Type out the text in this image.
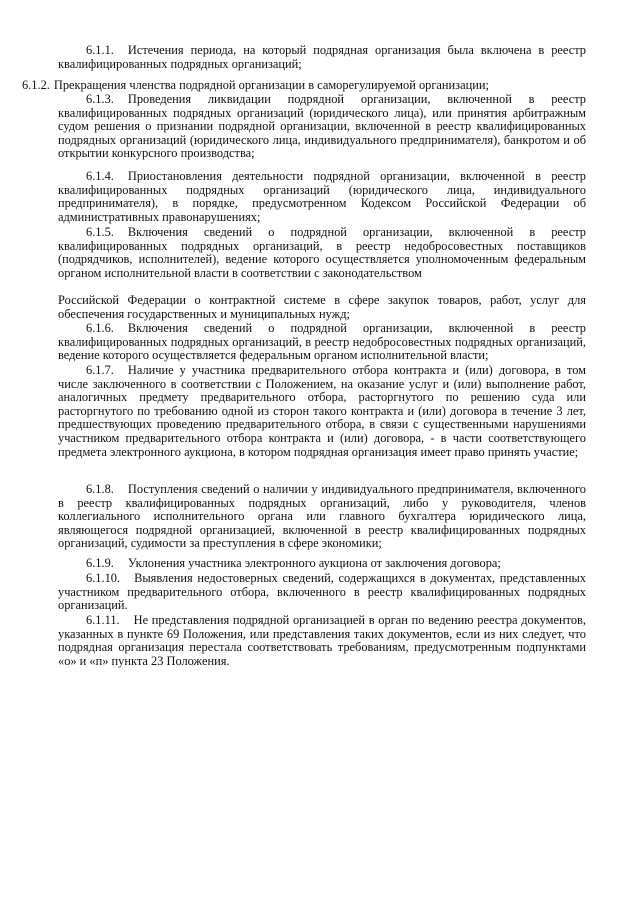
6.1.1. Истечения периода, на который подрядная организация была включена в реестр квалифицированных подрядных организаций;

6.1.2. Прекращения членства подрядной организации в саморегулируемой организации;

6.1.3. Проведения ликвидации подрядной организации, включенной в реестр квалифицированных подрядных организаций (юридического лица), или принятия арбитражным судом решения о признании подрядной организации, включенной в реестр квалифицированных подрядных организаций (юридического лица, индивидуального предпринимателя), банкротом и об открытии конкурсного производства;

6.1.4. Приостановления деятельности подрядной организации, включенной в реестр квалифицированных подрядных организаций (юридического лица, индивидуального предпринимателя), в порядке, предусмотренном Кодексом Российской Федерации об административных правонарушениях;

6.1.5. Включения сведений о подрядной организации, включенной в реестр квалифицированных подрядных организаций, в реестр недобросовестных поставщиков (подрядчиков, исполнителей), ведение которого осуществляется уполномоченным федеральным органом исполнительной власти в соответствии с законодательством

Российской Федерации о контрактной системе в сфере закупок товаров, работ, услуг для обеспечения государственных и муниципальных нужд;

6.1.6. Включения сведений о подрядной организации, включенной в реестр квалифицированных подрядных организаций, в реестр недобросовестных подрядных организаций, ведение которого осуществляется федеральным органом исполнительной власти;

6.1.7. Наличие у участника предварительного отбора контракта и (или) договора, в том числе заключенного в соответствии с Положением, на оказание услуг и (или) выполнение работ, аналогичных предмету предварительного отбора, расторгнутого по решению суда или расторгнутого по требованию одной из сторон такого контракта и (или) договора в течение 3 лет, предшествующих проведению предварительного отбора, в связи с существенными нарушениями участником предварительного отбора контракта и (или) договора, - в части соответствующего предмета электронного аукциона, в котором подрядная организация имеет право принять участие;

6.1.8. Поступления сведений о наличии у индивидуального предпринимателя, включенного в реестр квалифицированных подрядных организаций, либо у руководителя, членов коллегиального исполнительного органа или главного бухгалтера юридического лица, являющегося подрядной организацией, включенной в реестр квалифицированных подрядных организаций, судимости за преступления в сфере экономики;

6.1.9. Уклонения участника электронного аукциона от заключения договора;

6.1.10. Выявления недостоверных сведений, содержащихся в документах, представленных участником предварительного отбора, включенного в реестр квалифицированных подрядных организаций.

6.1.11. Не представления подрядной организацией в орган по ведению реестра документов, указанных в пункте 69 Положения, или представления таких документов, если из них следует, что подрядная организация перестала соответствовать требованиям, предусмотренным подпунктами «о» и «п» пункта 23 Положения.
